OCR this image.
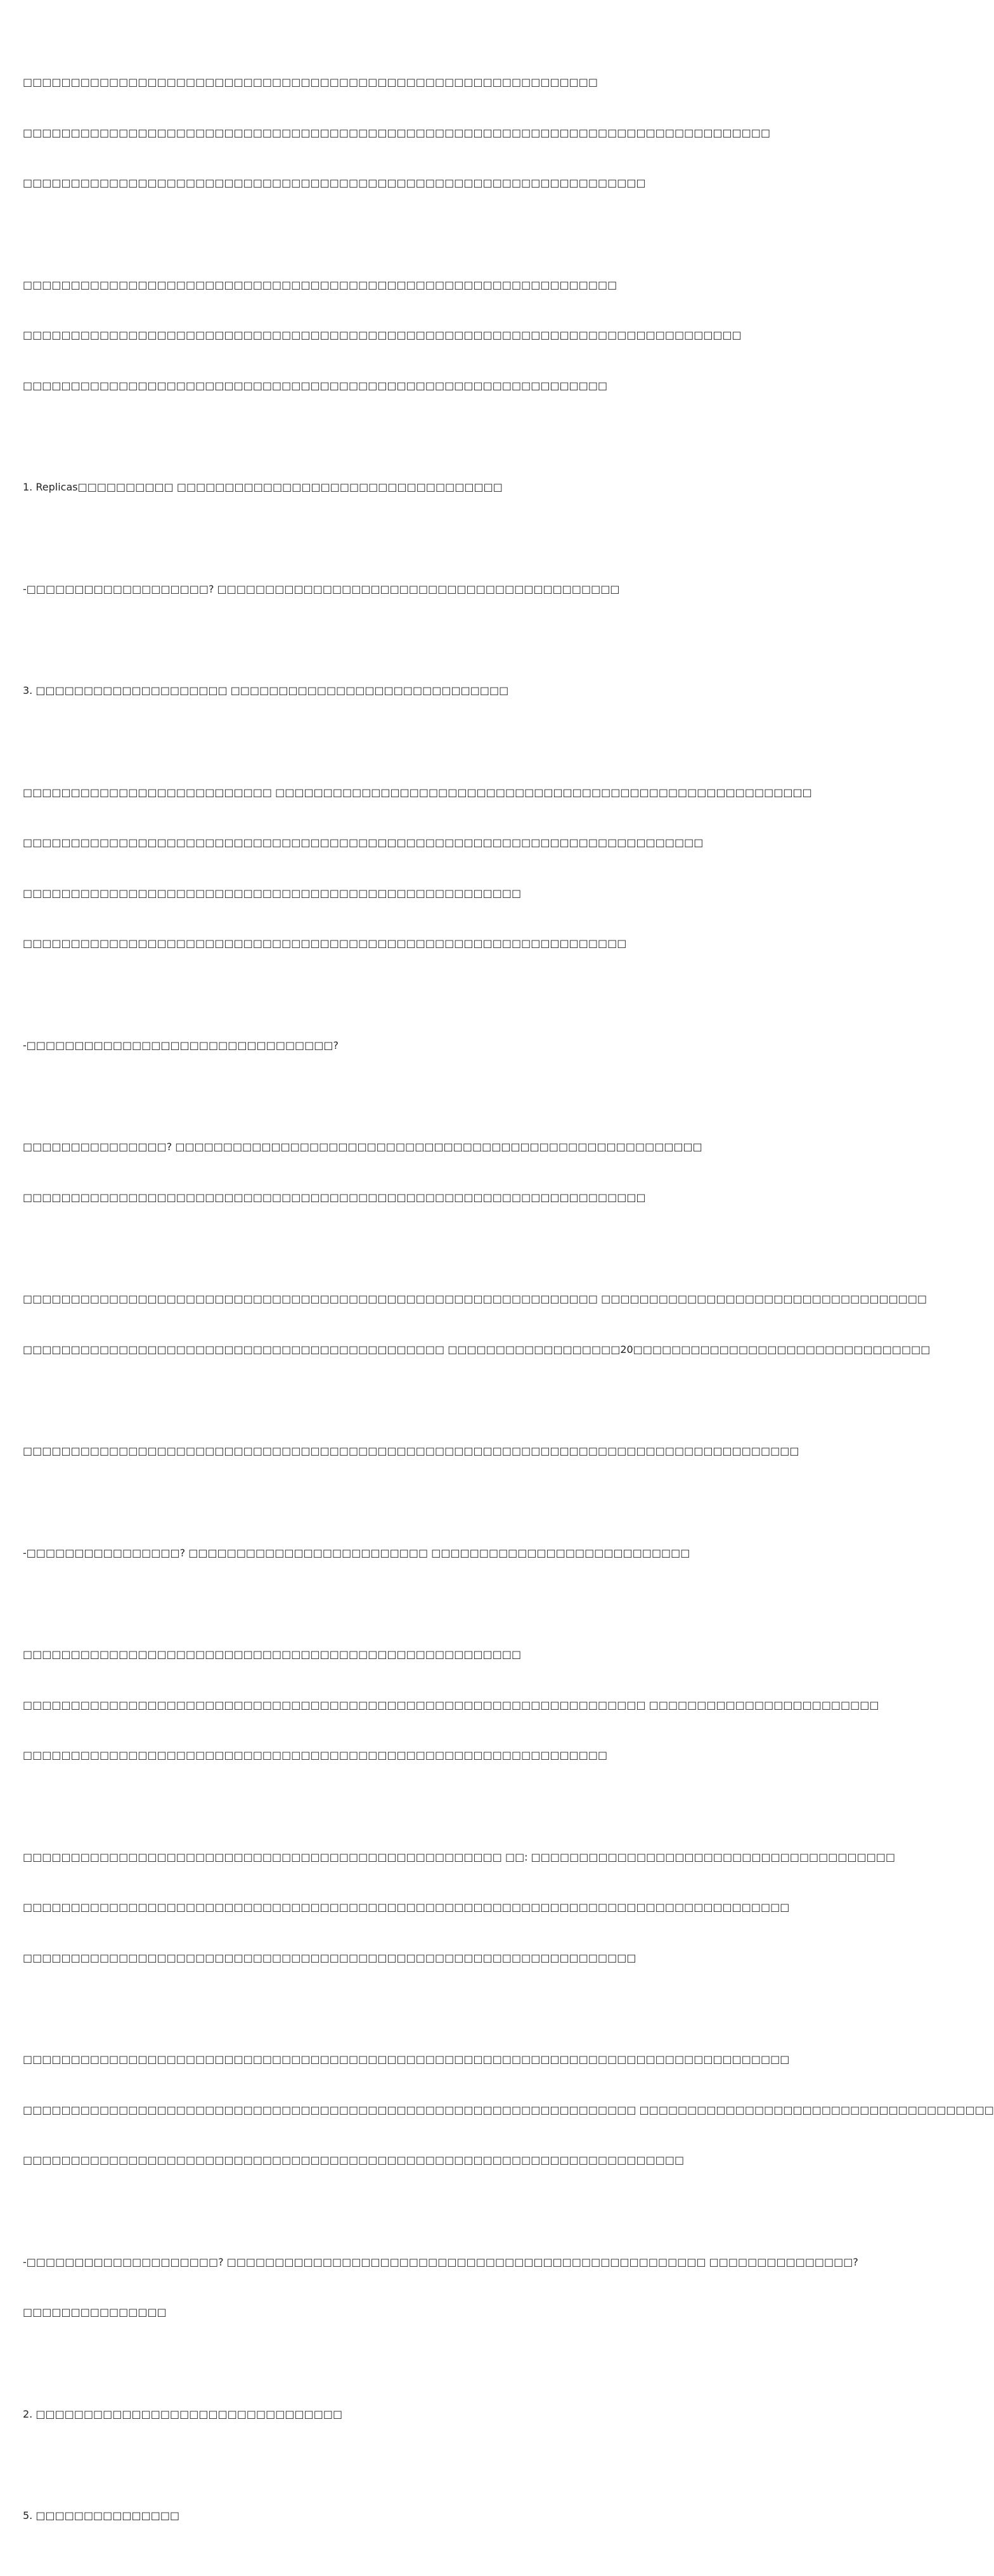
□□□□□□□□□□□□□□□□□□□□□□□□□□□□□□□□□□□□□□□□□□□□□□□□□□□□□□□□□□□□

□□□□□□□□□□□□□□□□□□□□□□□□□□□□□□□□□□□□□□□□□□□□□□□□□□□□□□□□□□□□□□□□□□□□□□□□□□□□□□

□□□□□□□□□□□□□□□□□□□□□□□□□□□□□□□□□□□□□□□□□□□□□□□□□□□□□□□□□□□□□□□□□

□□□□□□□□□□□□□□□□□□□□□□□□□□□□□□□□□□□□□□□□□□□□□□□□□□□□□□□□□□□□□□

□□□□□□□□□□□□□□□□□□□□□□□□□□□□□□□□□□□□□□□□□□□□□□□□□□□□□□□□□□□□□□□□□□□□□□□□□□□

□□□□□□□□□□□□□□□□□□□□□□□□□□□□□□□□□□□□□□□□□□□□□□□□□□□□□□□□□□□□□

1. Replicas□□□□□□□□□□ □□□□□□□□□□□□□□□□□□□□□□□□□□□□□□□□□□

-□□□□□□□□□□□□□□□□□□□? □□□□□□□□□□□□□□□□□□□□□□□□□□□□□□□□□□□□□□□□□□

3. □□□□□□□□□□□□□□□□□□□□ □□□□□□□□□□□□□□□□□□□□□□□□□□□□□

□□□□□□□□□□□□□□□□□□□□□□□□□□ □□□□□□□□□□□□□□□□□□□□□□□□□□□□□□□□□□□□□□□□□□□□□□□□□□□□□□□□

□□□□□□□□□□□□□□□□□□□□□□□□□□□□□□□□□□□□□□□□□□□□□□□□□□□□□□□□□□□□□□□□□□□□□□□

□□□□□□□□□□□□□□□□□□□□□□□□□□□□□□□□□□□□□□□□□□□□□□□□□□□□

□□□□□□□□□□□□□□□□□□□□□□□□□□□□□□□□□□□□□□□□□□□□□□□□□□□□□□□□□□□□□□□

-□□□□□□□□□□□□□□□□□□□□□□□□□□□□□□□□?

□□□□□□□□□□□□□□□? □□□□□□□□□□□□□□□□□□□□□□□□□□□□□□□□□□□□□□□□□□□□□□□□□□□□□□□

□□□□□□□□□□□□□□□□□□□□□□□□□□□□□□□□□□□□□□□□□□□□□□□□□□□□□□□□□□□□□□□□□

□□□□□□□□□□□□□□□□□□□□□□□□□□□□□□□□□□□□□□□□□□□□□□□□□□□□□□□□□□□□ □□□□□□□□□□□□□□□□□□□□□□□□□□□□□□□□□□

□□□□□□□□□□□□□□□□□□□□□□□□□□□□□□□□□□□□□□□□□□□□ □□□□□□□□□□□□□□□□□□20□□□□□□□□□□□□□□□□□□□□□□□□□□□□□□□

□□□□□□□□□□□□□□□□□□□□□□□□□□□□□□□□□□□□□□□□□□□□□□□□□□□□□□□□□□□□□□□□□□□□□□□□□□□□□□□□□

-□□□□□□□□□□□□□□□□? □□□□□□□□□□□□□□□□□□□□□□□□□ □□□□□□□□□□□□□□□□□□□□□□□□□□□

□□□□□□□□□□□□□□□□□□□□□□□□□□□□□□□□□□□□□□□□□□□□□□□□□□□□

□□□□□□□□□□□□□□□□□□□□□□□□□□□□□□□□□□□□□□□□□□□□□□□□□□□□□□□□□□□□□□□□□ □□□□□□□□□□□□□□□□□□□□□□□□

□□□□□□□□□□□□□□□□□□□□□□□□□□□□□□□□□□□□□□□□□□□□□□□□□□□□□□□□□□□□□

□□□□□□□□□□□□□□□□□□□□□□□□□□□□□□□□□□□□□□□□□□□□□□□□□□ □□: □□□□□□□□□□□□□□□□□□□□□□□□□□□□□□□□□□□□□□

□□□□□□□□□□□□□□□□□□□□□□□□□□□□□□□□□□□□□□□□□□□□□□□□□□□□□□□□□□□□□□□□□□□□□□□□□□□□□□□□

□□□□□□□□□□□□□□□□□□□□□□□□□□□□□□□□□□□□□□□□□□□□□□□□□□□□□□□□□□□□□□□□

□□□□□□□□□□□□□□□□□□□□□□□□□□□□□□□□□□□□□□□□□□□□□□□□□□□□□□□□□□□□□□□□□□□□□□□□□□□□□□□□

□□□□□□□□□□□□□□□□□□□□□□□□□□□□□□□□□□□□□□□□□□□□□□□□□□□□□□□□□□□□□□□□ □□□□□□□□□□□□□□□□□□□□□□□□□□□□□□□□□□□□□

□□□□□□□□□□□□□□□□□□□□□□□□□□□□□□□□□□□□□□□□□□□□□□□□□□□□□□□□□□□□□□□□□□□□□

-□□□□□□□□□□□□□□□□□□□□? □□□□□□□□□□□□□□□□□□□□□□□□□□□□□□□□□□□□□□□□□□□□□□□□□□ □□□□□□□□□□□□□□□?

□□□□□□□□□□□□□□□

2. □□□□□□□□□□□□□□□□□□□□□□□□□□□□□□□□

5. □□□□□□□□□□□□□□□
